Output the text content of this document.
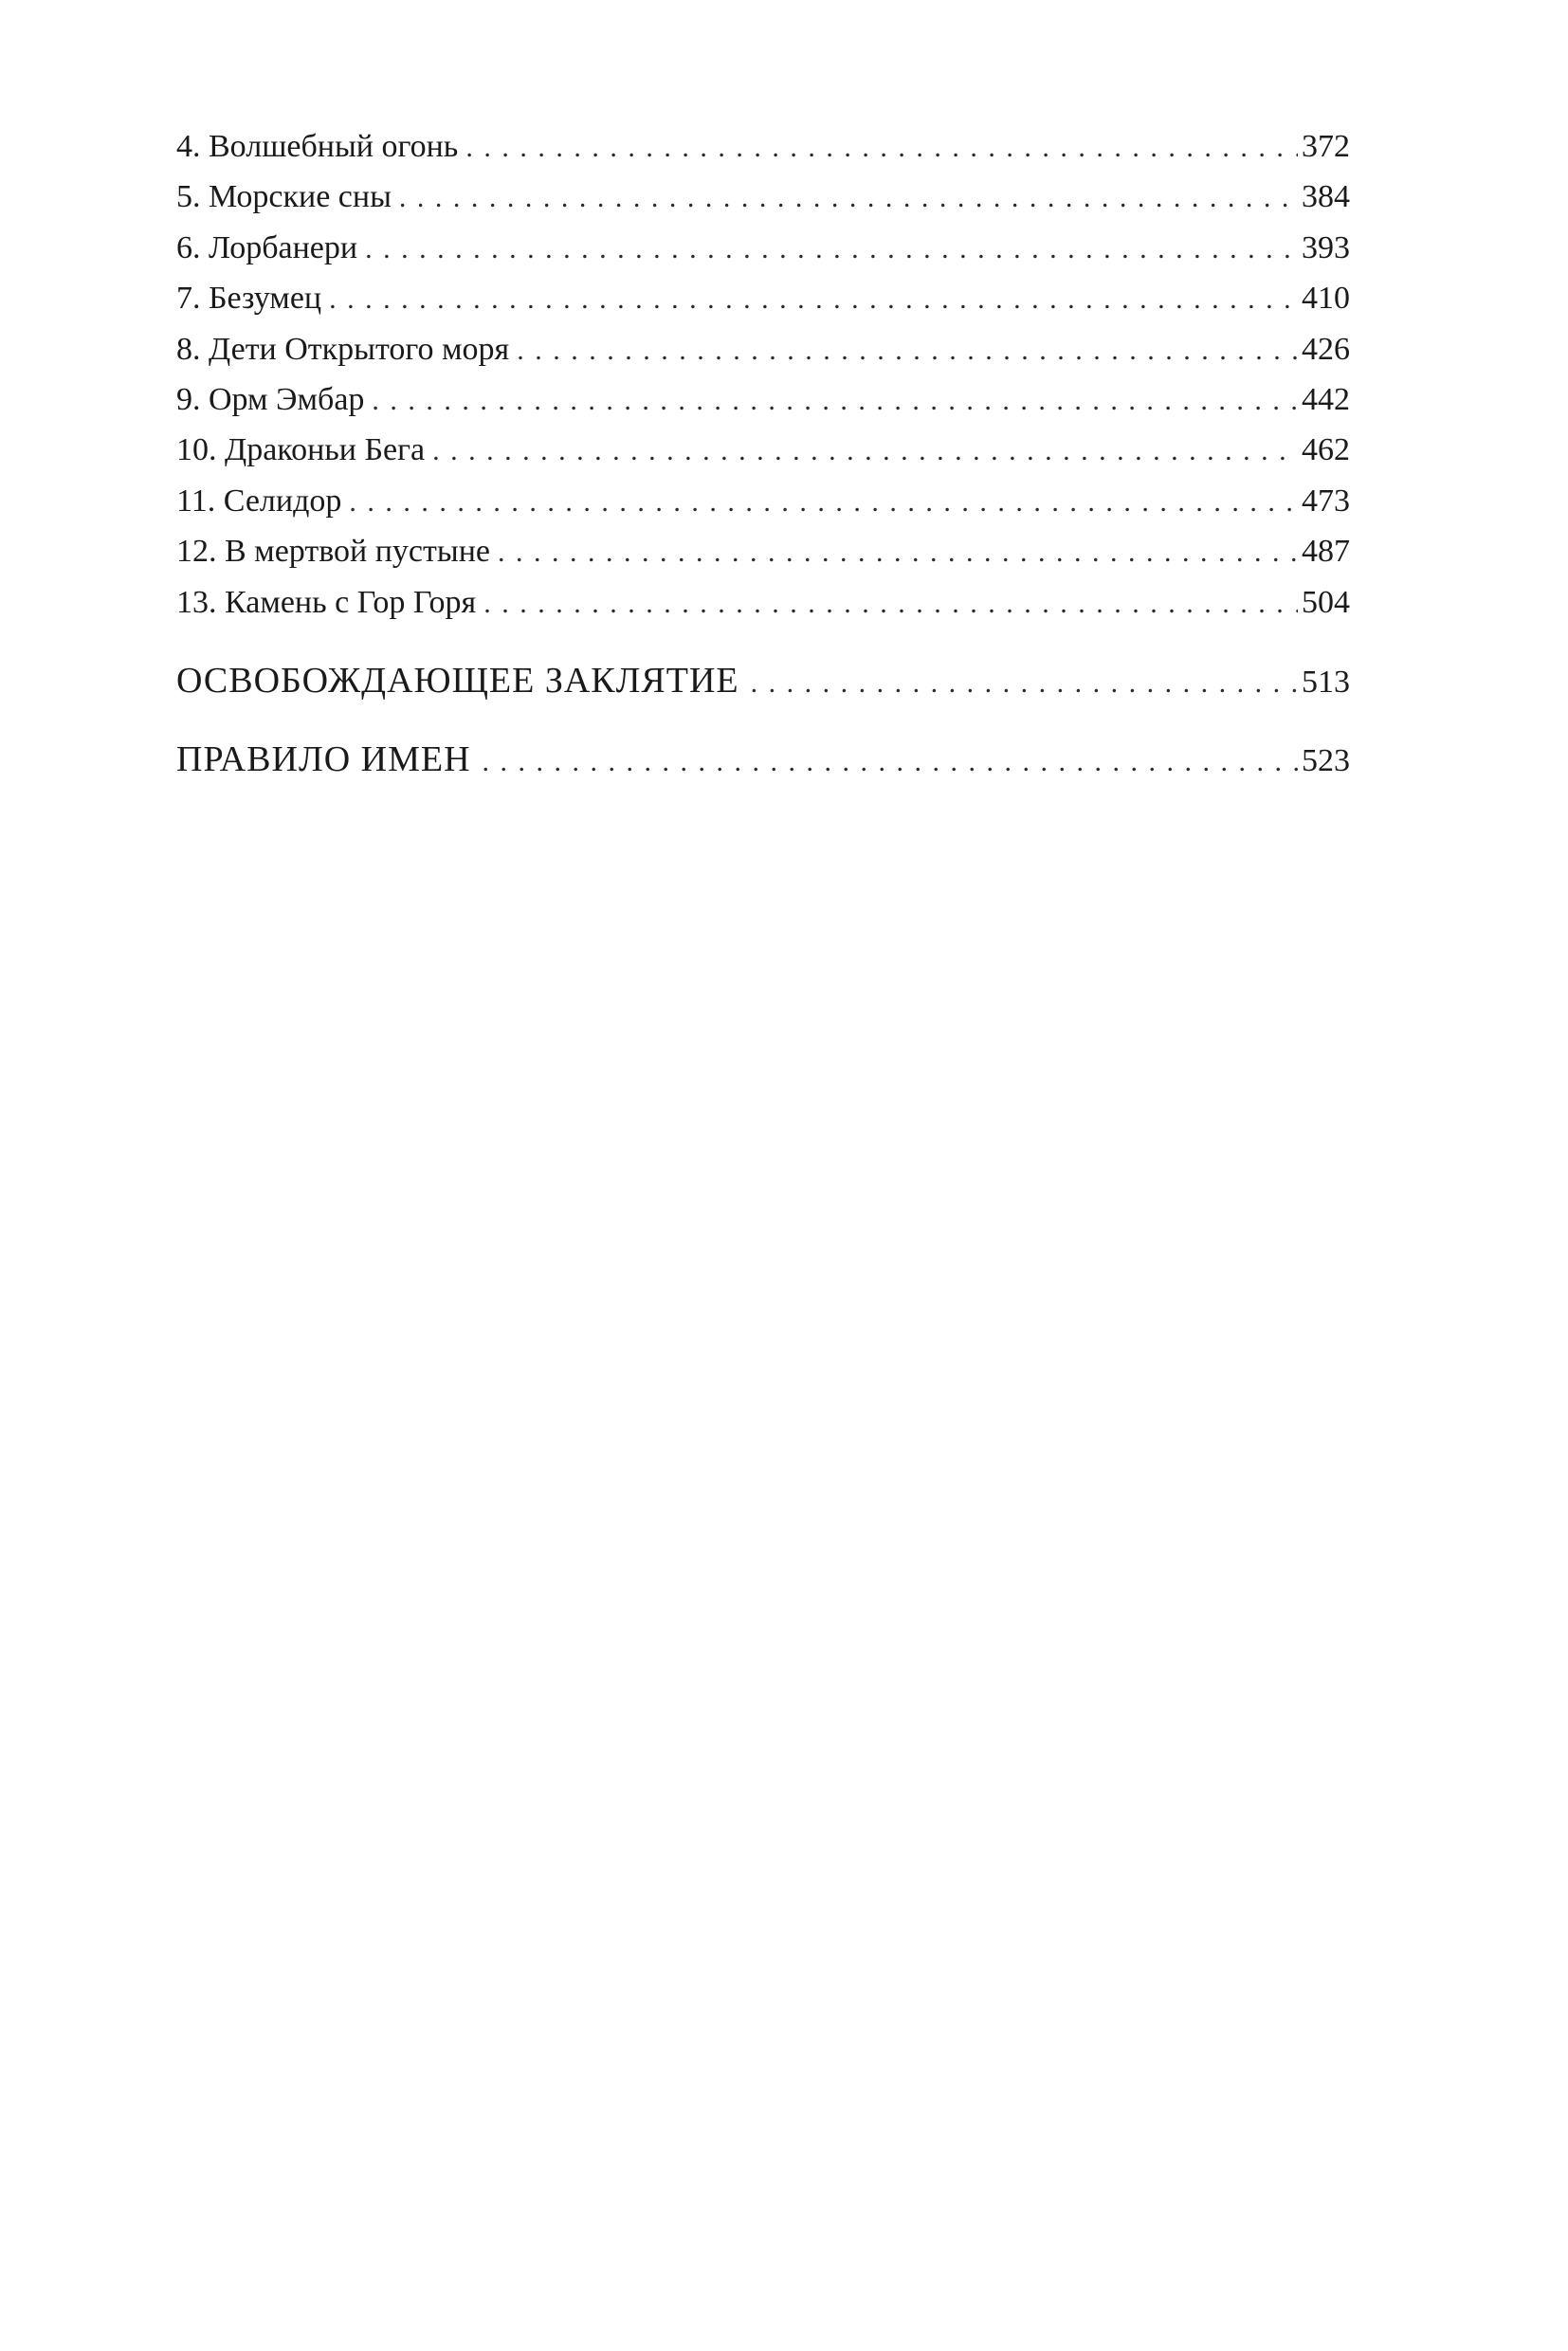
4. Волшебный огонь . . .	372
5. Морские сны . . .	384
6. Лорбанери . . .	393
7. Безумец . . .	410
8. Дети Открытого моря . . .	426
9. Орм Эмбар . . .	442
10. Драконьи Бега . . .	462
11. Селидор . . .	473
12. В мертвой пустыне . . .	487
13. Камень с Гор Горя . . .	504
ОСВОБОЖДАЮЩЕЕ ЗАКЛЯТИЕ . . .	513
ПРАВИЛО ИМЕН . . .	523
